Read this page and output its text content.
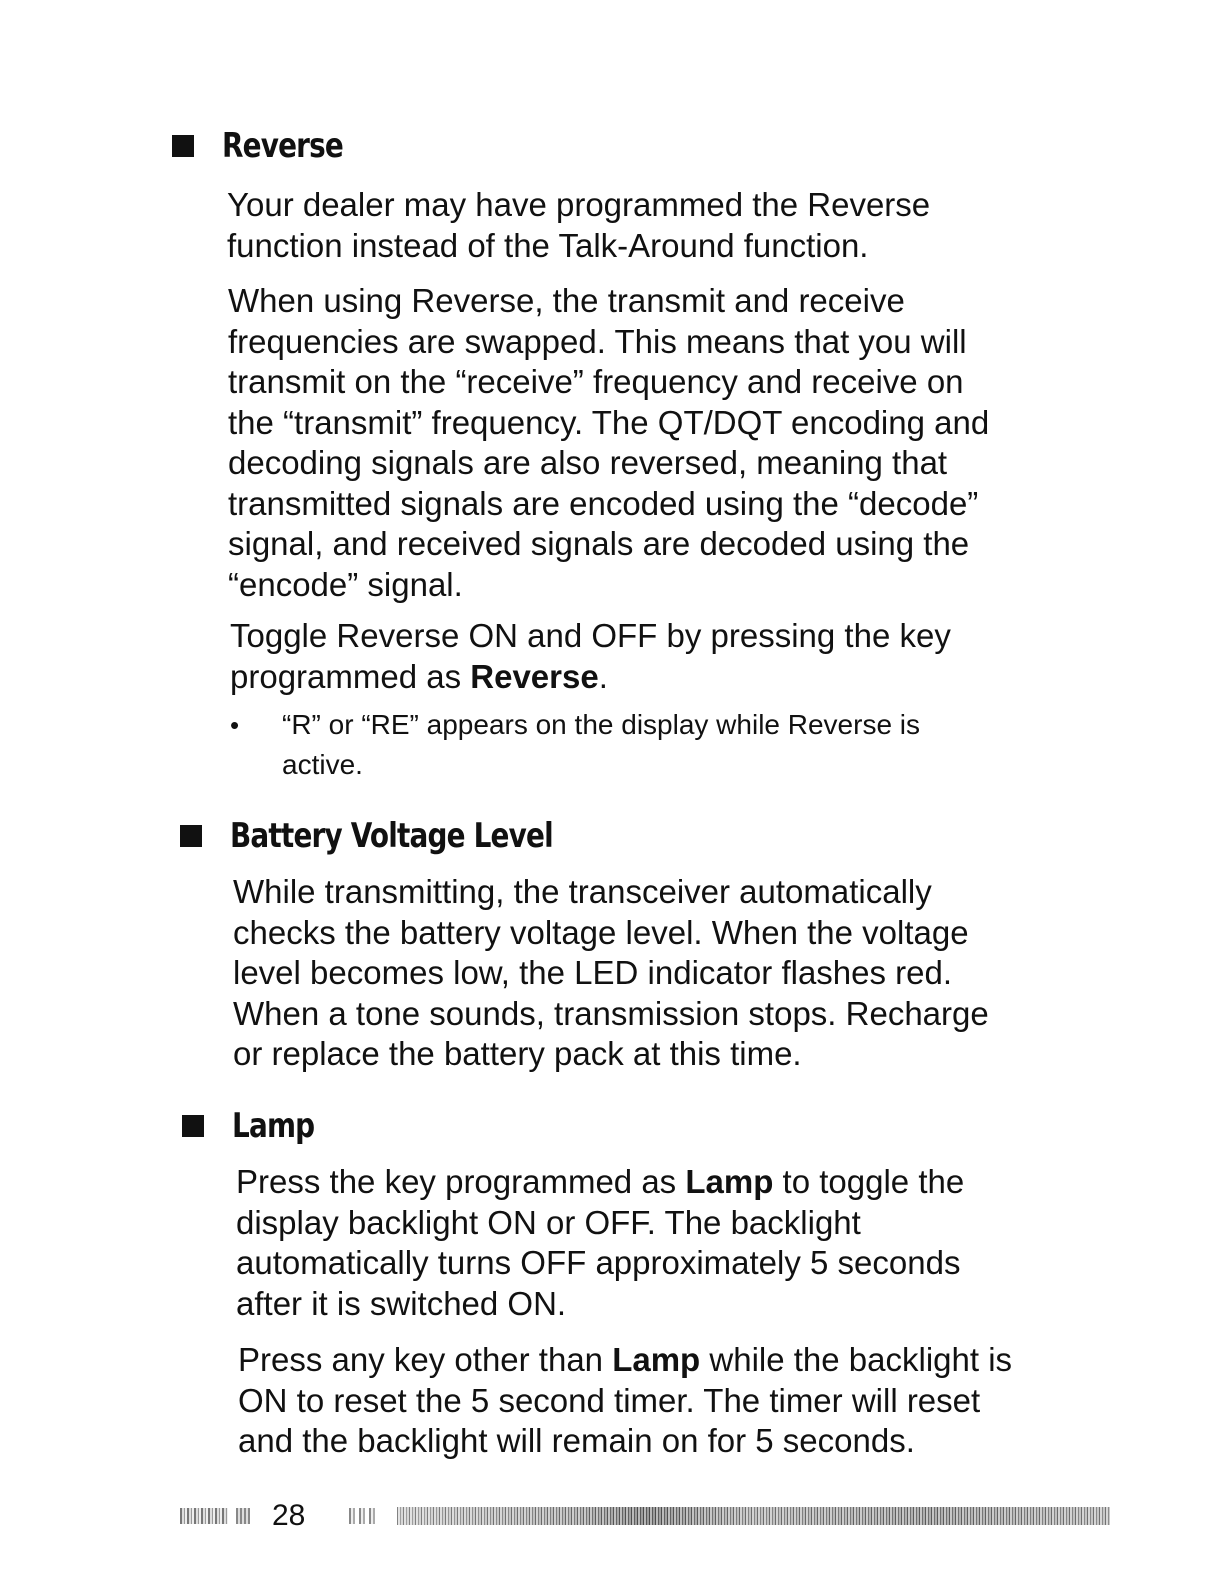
Reverse
Your dealer may have programmed the Reverse
function instead of the Talk-Around function.
When using Reverse, the transmit and receive
frequencies are swapped. This means that you will
transmit on the “receive” frequency and receive on
the “transmit” frequency. The QT/DQT encoding and
decoding signals are also reversed, meaning that
transmitted signals are encoded using the “decode”
signal, and received signals are decoded using the
“encode” signal.
Toggle Reverse ON and OFF by pressing the key
programmed as Reverse.
• “R” or “RE” appears on the display while Reverse is
active.
Battery Voltage Level
While transmitting, the transceiver automatically
checks the battery voltage level. When the voltage
level becomes low, the LED indicator flashes red.
When a tone sounds, transmission stops. Recharge
or replace the battery pack at this time.
Lamp
Press the key programmed as Lamp to toggle the
display backlight ON or OFF. The backlight
automatically turns OFF approximately 5 seconds
after it is switched ON.
Press any key other than Lamp while the backlight is
ON to reset the 5 second timer. The timer will reset
and the backlight will remain on for 5 seconds.
28
